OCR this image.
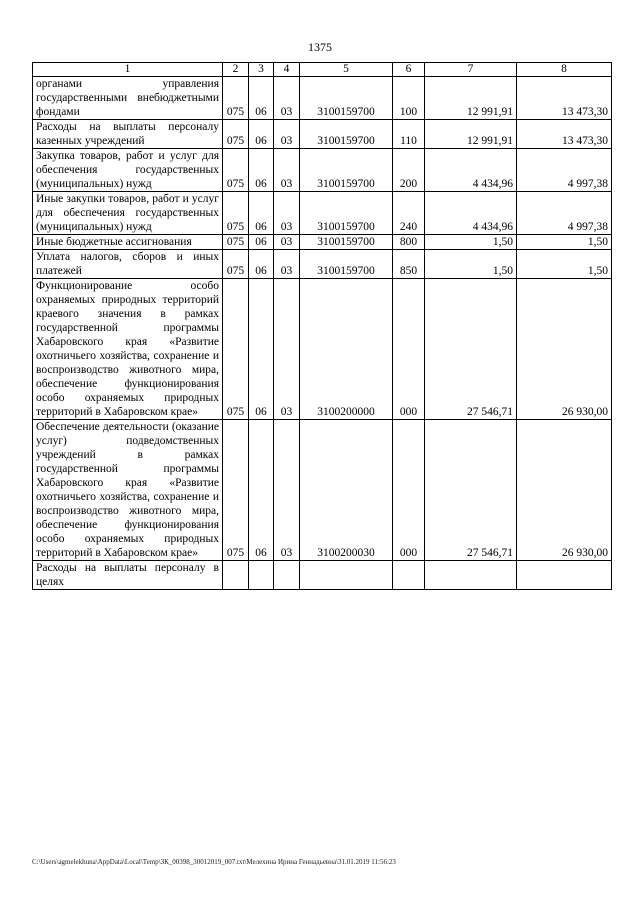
1375
1	2	3	4	5	6	7	8
органами управления государственными внебюджетными фондами	075	06	03	3100159700	100	12 991,91	13 473,30
Расходы на выплаты персоналу казенных учреждений	075	06	03	3100159700	110	12 991,91	13 473,30
Закупка товаров, работ и услуг для обеспечения государственных (муниципальных) нужд	075	06	03	3100159700	200	4 434,96	4 997,38
Иные закупки товаров, работ и услуг для обеспечения государственных (муниципальных) нужд	075	06	03	3100159700	240	4 434,96	4 997,38
Иные бюджетные ассигнования	075	06	03	3100159700	800	1,50	1,50
Уплата налогов, сборов и иных платежей	075	06	03	3100159700	850	1,50	1,50
Функционирование особо охраняемых природных территорий краевого значения в рамках государственной программы Хабаровского края «Развитие охотничьего хозяйства, сохранение и воспроизводство животного мира, обеспечение функционирования особо охраняемых природных территорий в Хабаровском крае»	075	06	03	3100200000	000	27 546,71	26 930,00
Обеспечение деятельности (оказание услуг) подведомственных учреждений в рамках государственной программы Хабаровского края «Развитие охотничьего хозяйства, сохранение и воспроизводство животного мира, обеспечение функционирования особо охраняемых природных территорий в Хабаровском крае»	075	06	03	3100200030	000	27 546,71	26 930,00
Расходы на выплаты персоналу в целях							
C:\Users\agmelekhuna\AppData\Local\Temp\ЗК_00398_30012019_007.txt\Мелехина Ирина Геннадьевна\31.01.2019 11:56:23
